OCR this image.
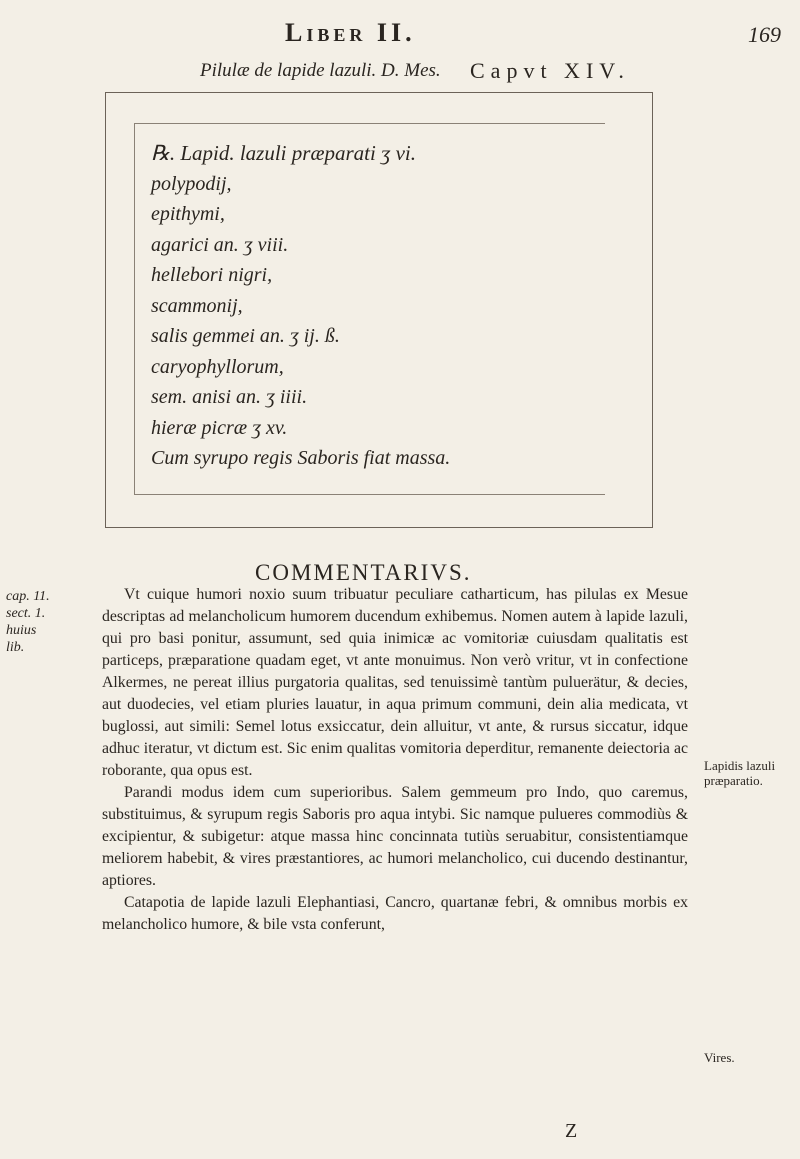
Liber II.	169
Pilulæ de lapide lazuli. D. Mes. Capvt XIV.
℞. Lapid. lazuli præparati ʒ vi.
polypodij,
epithymi,
agarici an. ʒ viii.
hellebori nigri,
scammonij,
salis gemmei an. ʒ ij. ß.
caryophyllorum,
sem. anisi an. ʒ iiii.
hieræ picræ ʒ xv.
Cum syrupo regis Saboris fiat massa.
COMMENTARIVS.
cap. 11.
sect. 1.
huius
lib.

Vt cuique humori noxio suum tribuatur peculiare catharticum, has pilulas ex Mesue descriptas ad melancholicum humorem ducendum exhibemus. Nomen autem à lapide lazuli, qui pro basi ponitur, assumunt, sed quia inimicæ ac vomitoriæ cuiusdam qualitatis est particeps, præparatione quadam eget, vt ante monuimus. Non verò vritur, vt in confectione Alkermes, ne pereat illius purgatoria qualitas, sed tenuissimè tantùm puluerätur, & decies, aut duodecies, vel etiam pluries lauatur, in aqua primum communi, dein alia medicata, vt buglossi, aut simili: Semel lotus exsiccatur, dein alluitur, vt ante, & rursus siccatur, idque adhuc iteratur, vt dictum est. Sic enim qualitas vomitoria deperditur, remanente deiectoria ac roborante, qua opus est.

Parandi modus idem cum superioribus. Salem gemmeum pro Indo, quo caremus, substituimus, & syrupum regis Saboris pro aqua intybi. Sic namque pulueres commodiùs & excipientur, & subigetur: atque massa hinc concinnata tutiùs seruabitur, consistentiamque meliorem habebit, & vires præstantiores, ac humori melancholico, cui ducendo destinantur, aptiores.

Catapotia de lapide lazuli Elephantiasi, Cancro, quartanæ febri, & omnibus morbis ex melancholico humore, & bile vsta conferunt,

Lapidis lazuli præparatio.
Vires.
Z
